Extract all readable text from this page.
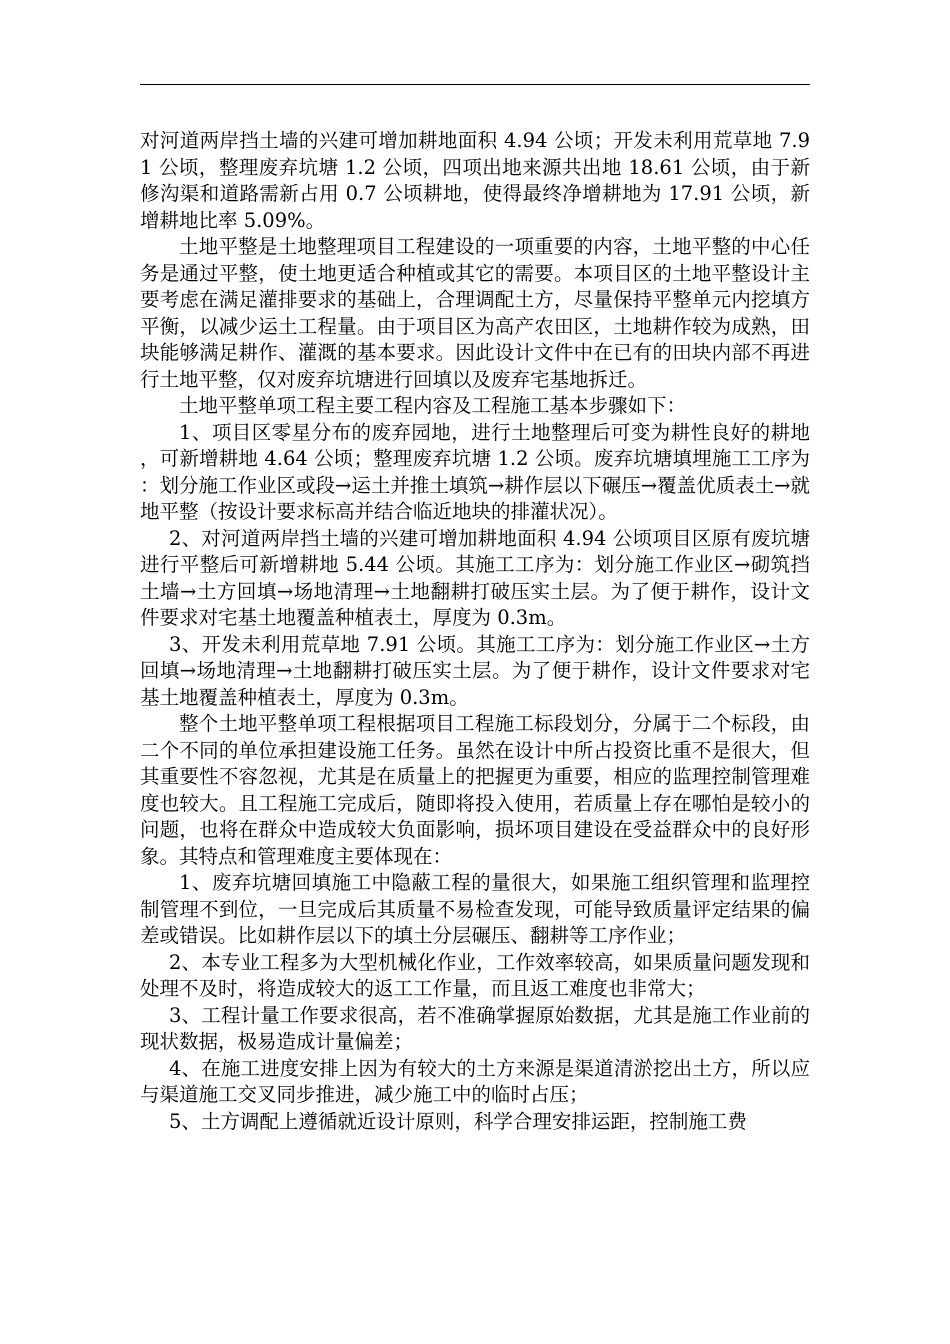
对河道两岸挡土墙的兴建可增加耕地面积 4.94 公顷；开发未利用荒草地 7.91 公顷，整理废弃坑塘 1.2 公顷，四项出地来源共出地 18.61 公顷，由于新修沟渠和道路需新占用 0.7 公顷耕地，使得最终净增耕地为 17.91 公顷，新增耕地比率 5.09%。

土地平整是土地整理项目工程建设的一项重要的内容，土地平整的中心任务是通过平整，使土地更适合种植或其它的需要。本项目区的土地平整设计主要考虑在满足灌排要求的基础上，合理调配土方，尽量保持平整单元内挖填方平衡，以减少运土工程量。由于项目区为高产农田区，土地耕作较为成熟，田块能够满足耕作、灌溉的基本要求。因此设计文件中在已有的田块内部不再进行土地平整，仅对废弃坑塘进行回填以及废弃宅基地拆迁。

土地平整单项工程主要工程内容及工程施工基本步骤如下：

1、项目区零星分布的废弃园地，进行土地整理后可变为耕性良好的耕地，可新增耕地 4.64 公顷；整理废弃坑塘 1.2 公顷。废弃坑塘填埋施工工序为：划分施工作业区或段→运土并推土填筑→耕作层以下碾压→覆盖优质表土→就地平整（按设计要求标高并结合临近地块的排灌状况）。

2、对河道两岸挡土墙的兴建可增加耕地面积 4.94 公顷项目区原有废坑塘进行平整后可新增耕地 5.44 公顷。其施工工序为：划分施工作业区→砌筑挡土墙→土方回填→场地清理→土地翻耕打破压实土层。为了便于耕作，设计文件要求对宅基土地覆盖种植表土，厚度为 0.3m。

3、开发未利用荒草地 7.91 公顷。其施工工序为：划分施工作业区→土方回填→场地清理→土地翻耕打破压实土层。为了便于耕作，设计文件要求对宅基土地覆盖种植表土，厚度为 0.3m。

整个土地平整单项工程根据项目工程施工标段划分，分属于二个标段，由二个不同的单位承担建设施工任务。虽然在设计中所占投资比重不是很大，但其重要性不容忽视，尤其是在质量上的把握更为重要，相应的监理控制管理难度也较大。且工程施工完成后，随即将投入使用，若质量上存在哪怕是较小的问题，也将在群众中造成较大负面影响，损坏项目建设在受益群众中的良好形象。其特点和管理难度主要体现在：

1、废弃坑塘回填施工中隐蔽工程的量很大，如果施工组织管理和监理控制管理不到位，一旦完成后其质量不易检查发现，可能导致质量评定结果的偏差或错误。比如耕作层以下的填土分层碾压、翻耕等工序作业；

2、本专业工程多为大型机械化作业，工作效率较高，如果质量问题发现和处理不及时，将造成较大的返工工作量，而且返工难度也非常大；

3、工程计量工作要求很高，若不准确掌握原始数据，尤其是施工作业前的现状数据，极易造成计量偏差；

4、在施工进度安排上因为有较大的土方来源是渠道清淤挖出土方，所以应与渠道施工交叉同步推进，减少施工中的临时占压；

5、土方调配上遵循就近设计原则，科学合理安排运距，控制施工费
